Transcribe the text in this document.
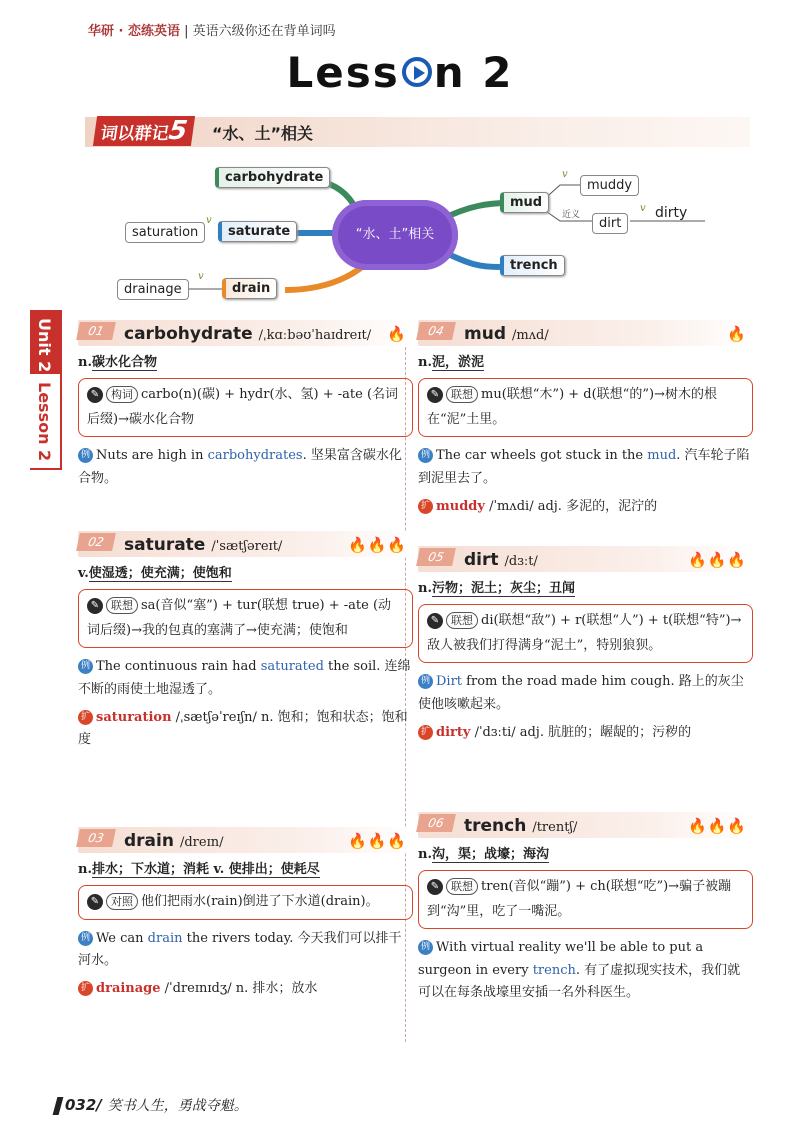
华研 · 恋练英语 | 英语六级你还在背单词吗
Less n 2
词以群记5	“水、土”相关
carbohydrate
saturation
v
saturate
drainage
v
drain
“水、土”相关
mud
v
muddy
近义
dirt
v dirty
trench
Unit 2
Lesson 2
01	carbohydrate /ˌkɑːbəʊˈhaɪdreɪt/ 🔥
n.碳水化合物
✎ 构词 carbo(n)(碳) + hydr(水、氢) + -ate (名词后缀)→碳水化合物
例 Nuts are high in carbohydrates. 坚果富含碳水化合物。
02	saturate /ˈsætʃəreɪt/	🔥🔥🔥
v.使湿透；使充满；使饱和
✎ 联想 sa(音似“塞”) + tur(联想 true) + -ate (动词后缀)→我的包真的塞满了→使充满；使饱和
例 The continuous rain had saturated the soil. 连绵不断的雨使土地湿透了。
扩 saturation /ˌsætʃəˈreɪʃn/ n. 饱和；饱和状态；饱和度
03	drain /dreɪn/	🔥🔥🔥
n.排水；下水道；消耗 v. 使排出；使耗尽
✎ 对照 他们把雨水(rain)倒进了下水道(drain)。
例 We can drain the rivers today. 今天我们可以排干河水。
扩 drainage /ˈdreɪnɪdʒ/ n. 排水；放水
04	mud /mʌd/	🔥
n.泥，淤泥
✎ 联想 mu(联想“木”) + d(联想“的”)→树木的根在“泥”土里。
例 The car wheels got stuck in the mud. 汽车轮子陷到泥里去了。
扩 muddy /ˈmʌdi/ adj. 多泥的，泥泞的
05	dirt /dɜːt/	🔥🔥🔥
n.污物；泥土；灰尘；丑闻
✎ 联想 di(联想“敌”) + r(联想“人”) + t(联想“特”)→敌人被我们打得满身“泥土”，特别狼狈。
例 Dirt from the road made him cough. 路上的灰尘使他咳嗽起来。
扩 dirty /ˈdɜːti/ adj. 肮脏的；龌龊的；污秽的
06	trench /trentʃ/	🔥🔥🔥
n.沟，渠；战壕；海沟
✎ 联想 tren(音似“蹦”) + ch(联想“吃”)→骗子被蹦到“沟”里，吃了一嘴泥。
例 With virtual reality we'll be able to put a surgeon in every trench. 有了虚拟现实技术，我们就可以在每条战壕里安插一名外科医生。
032/ 笑书人生，勇战夺魁。
